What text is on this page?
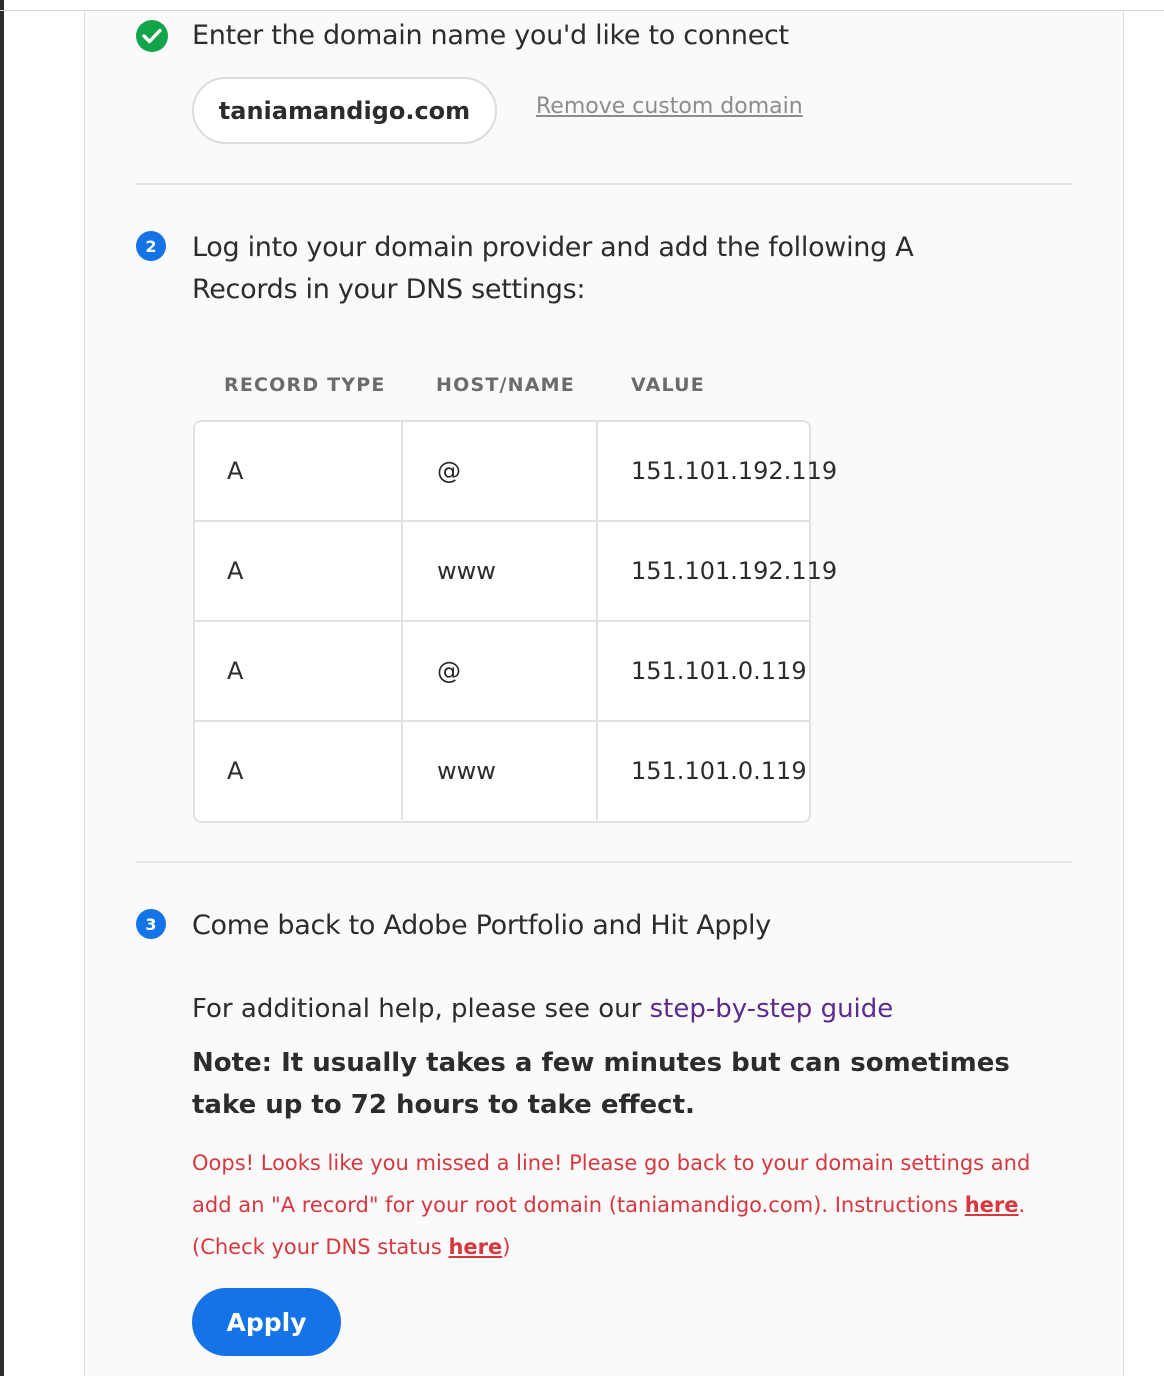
Enter the domain name you'd like to connect
taniamandigo.com	Remove custom domain
2	Log into your domain provider and add the following A Records in your DNS settings:
RECORD TYPE	HOST/NAME	VALUE
A	@	151.101.192.119
A	www	151.101.192.119
A	@	151.101.0.119
A	www	151.101.0.119
3	Come back to Adobe Portfolio and Hit Apply
For additional help, please see our step-by-step guide
Note: It usually takes a few minutes but can sometimes take up to 72 hours to take effect.
Oops! Looks like you missed a line! Please go back to your domain settings and add an "A record" for your root domain (taniamandigo.com). Instructions here. (Check your DNS status here)
Apply
